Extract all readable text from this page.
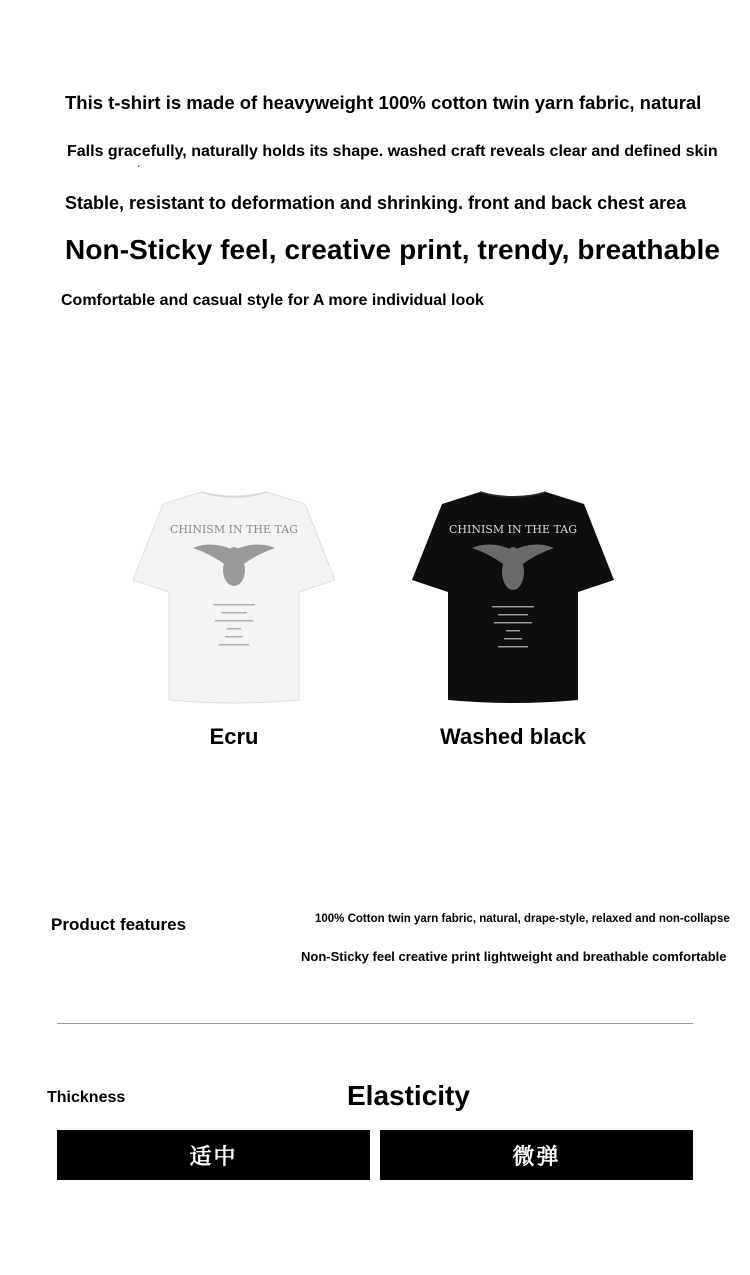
This t-shirt is made of heavyweight 100% cotton twin yarn fabric, natural
Falls gracefully, naturally holds its shape. washed craft reveals clear and defined skin
ˊ
Stable, resistant to deformation and shrinking. front and back chest area
Non-Sticky feel, creative print, trendy, breathable
Comfortable and casual style for A more individual look
CHINISM IN THE TAG	CHINISM IN THE TAG
Ecru	Washed black
Product features	100% Cotton twin yarn fabric, natural, drape-style, relaxed and non-collapse
Non-Sticky feel creative print lightweight and breathable comfortable
Thickness	Elasticity
适中	微弹
